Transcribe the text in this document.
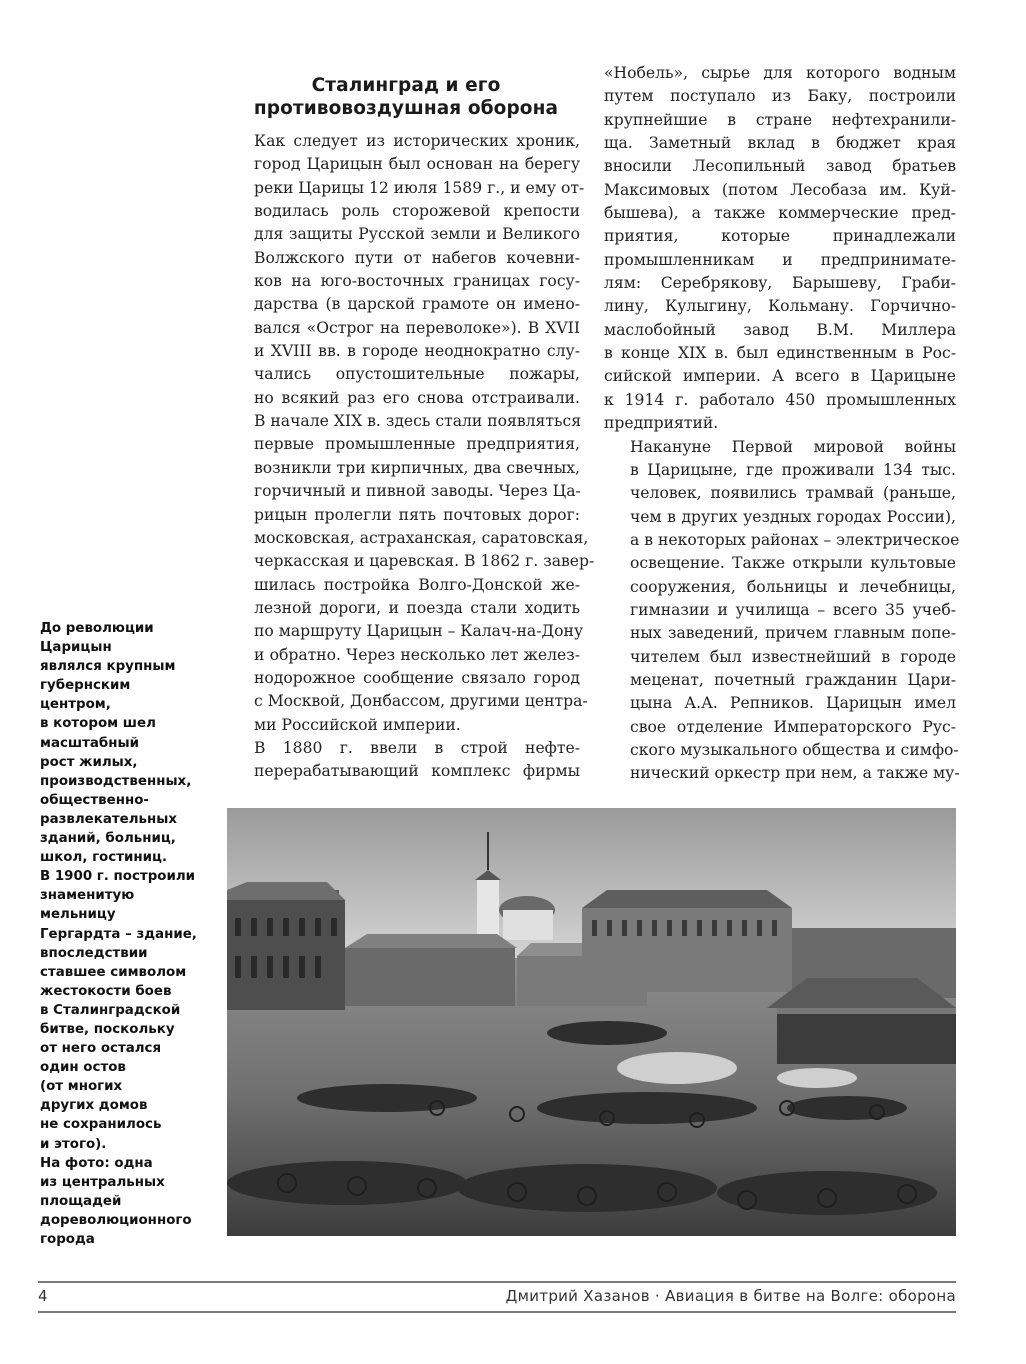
Сталинград и его
противовоздушная оборона

Как следует из исторических хроник,
город Царицын был основан на берегу
реки Царицы 12 июля 1589 г., и ему от-
водилась роль сторожевой крепости
для защиты Русской земли и Великого
Волжского пути от набегов кочевни-
ков на юго-восточных границах госу-
дарства (в царской грамоте он имено-
вался «Острог на переволоке»). В XVII
и XVIII вв. в городе неоднократно слу-
чались опустошительные пожары,
но всякий раз его снова отстраивали.
В начале XIX в. здесь стали появляться
первые промышленные предприятия,
возникли три кирпичных, два свечных,
горчичный и пивной заводы. Через Ца-
рицын пролегли пять почтовых дорог:
московская, астраханская, саратовская,
черкасская и царевская. В 1862 г. завер-
шилась постройка Волго-Донской же-
лезной дороги, и поезда стали ходить
по маршруту Царицын – Калач-на-Дону
и обратно. Через несколько лет желез-
нодорожное сообщение связало город
с Москвой, Донбассом, другими центра-
ми Российской империи.

В 1880 г. ввели в строй нефте-
перерабатывающий комплекс фирмы

«Нобель», сырье для которого водным
путем поступало из Баку, построили
крупнейшие в стране нефтехранили-
ща. Заметный вклад в бюджет края
вносили Лесопильный завод братьев
Максимовых (потом Лесобаза им. Куй-
бышева), а также коммерческие пред-
приятия, которые принадлежали
промышленникам и предпринимате-
лям: Серебрякову, Барышеву, Граби-
лину, Кулыгину, Кольману. Горчично-
маслобойный завод В.М. Миллера
в конце XIX в. был единственным в Рос-
сийской империи. А всего в Царицыне
к 1914 г. работало 450 промышленных
предприятий.

Накануне Первой мировой войны
в Царицыне, где проживали 134 тыс.
человек, появились трамвай (раньше,
чем в других уездных городах России),
а в некоторых районах – электрическое
освещение. Также открыли культовые
сооружения, больницы и лечебницы,
гимназии и училища – всего 35 учеб-
ных заведений, причем главным попе-
чителем был известнейший в городе
меценат, почетный гражданин Цари-
цына А.А. Репников. Царицын имел
свое отделение Императорского Рус-
ского музыкального общества и симфо-
нический оркестр при нем, а также му-

До революции
Царицын
являлся крупным
губернским
центром,
в котором шел
масштабный
рост жилых,
производственных,
общественно-
развлекательных
зданий, больниц,
школ, гостиниц.
В 1900 г. построили
знаменитую
мельницу
Гергардта – здание,
впоследствии
ставшее символом
жестокости боев
в Сталинградской
битве, поскольку
от него остался
один остов
(от многих
других домов
не сохранилось
и этого).
На фото: одна
из центральных
площадей
дореволюционного
города
4	Дмитрий Хазанов · Авиация в битве на Волге: оборона
